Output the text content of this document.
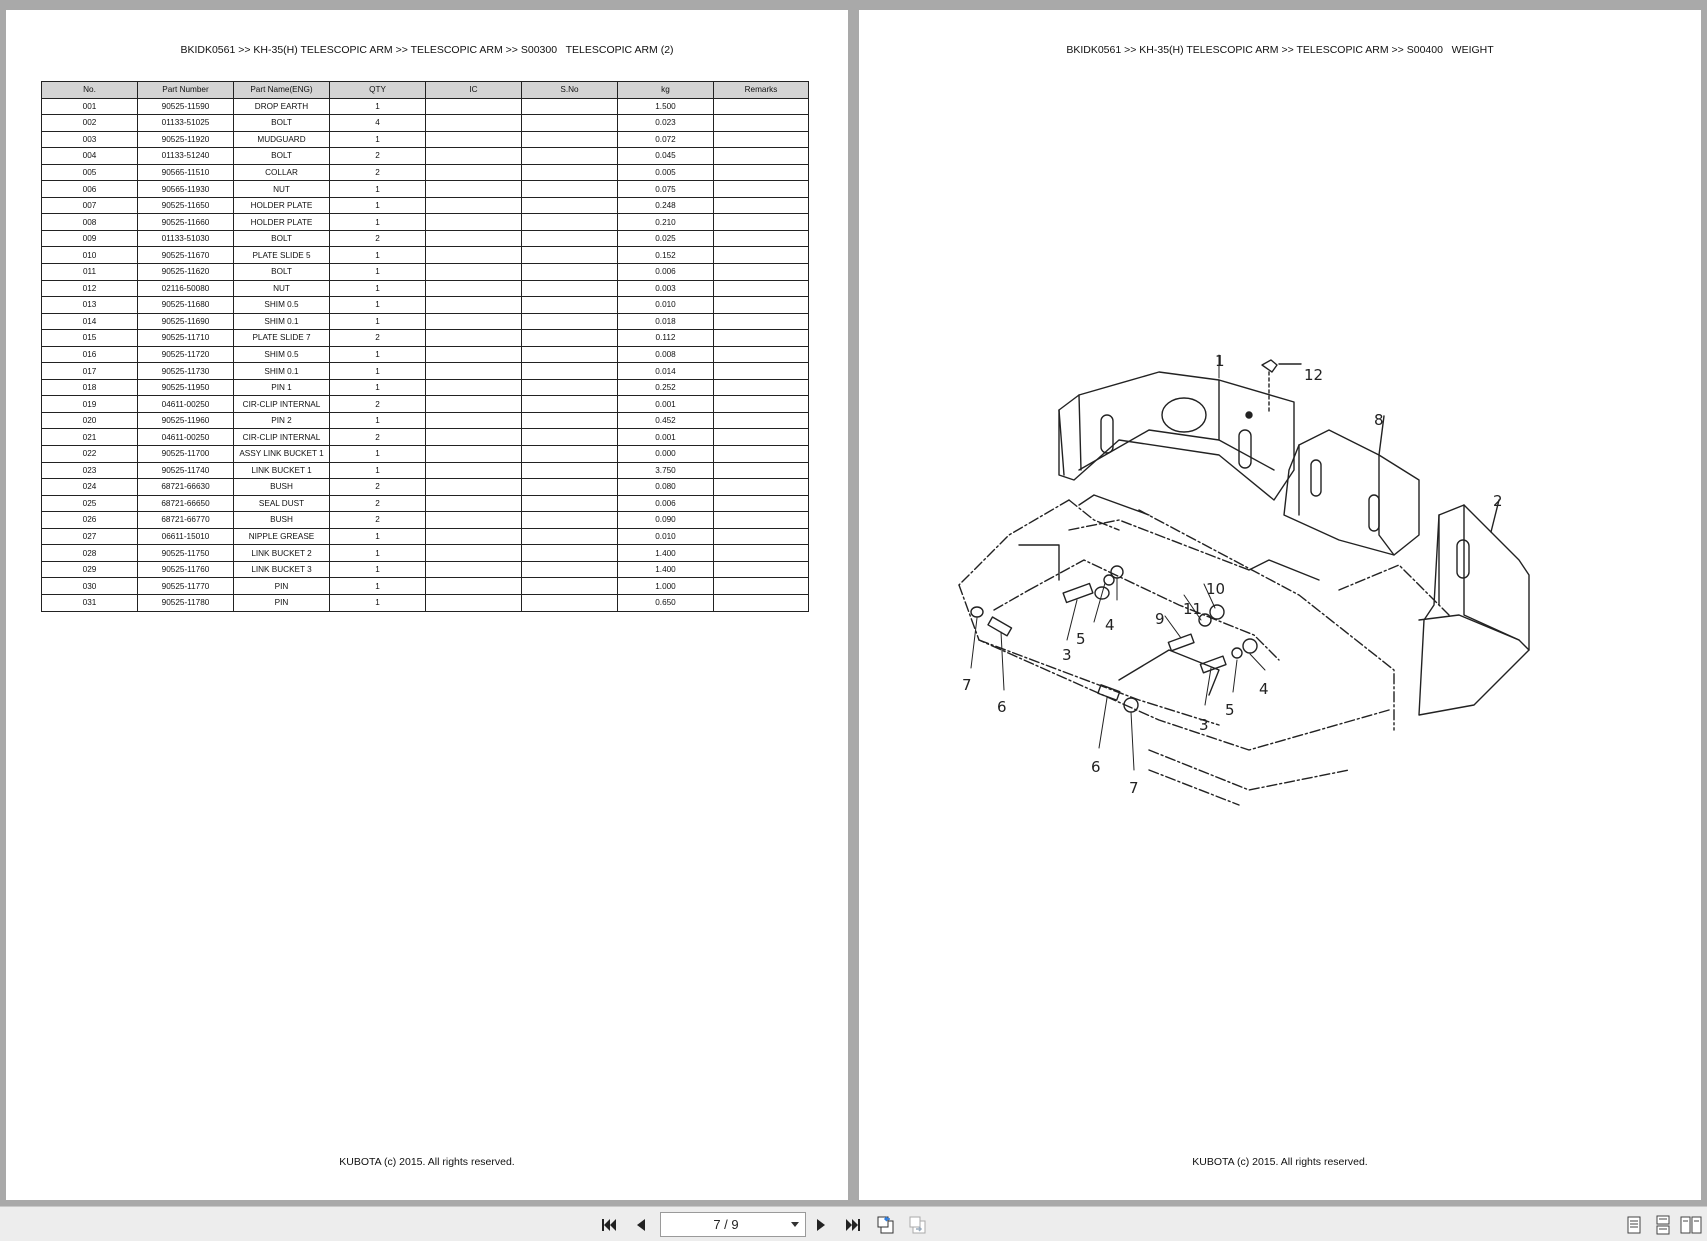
BKIDK0561 >> KH-35(H) TELESCOPIC ARM >> TELESCOPIC ARM >> S00300   TELESCOPIC ARM (2)
No.	Part Number	Part Name(ENG)	QTY	IC	S.No	kg	Remarks
001	90525-11590	DROP EARTH	1			1.500	
002	01133-51025	BOLT	4			0.023	
003	90525-11920	MUDGUARD	1			0.072	
004	01133-51240	BOLT	2			0.045	
005	90565-11510	COLLAR	2			0.005	
006	90565-11930	NUT	1			0.075	
007	90525-11650	HOLDER PLATE	1			0.248	
008	90525-11660	HOLDER PLATE	1			0.210	
009	01133-51030	BOLT	2			0.025	
010	90525-11670	PLATE SLIDE 5	1			0.152	
011	90525-11620	BOLT	1			0.006	
012	02116-50080	NUT	1			0.003	
013	90525-11680	SHIM 0.5	1			0.010	
014	90525-11690	SHIM 0.1	1			0.018	
015	90525-11710	PLATE SLIDE 7	2			0.112	
016	90525-11720	SHIM 0.5	1			0.008	
017	90525-11730	SHIM 0.1	1			0.014	
018	90525-11950	PIN 1	1			0.252	
019	04611-00250	CIR-CLIP INTERNAL	2			0.001	
020	90525-11960	PIN 2	1			0.452	
021	04611-00250	CIR-CLIP INTERNAL	2			0.001	
022	90525-11700	ASSY LINK BUCKET 1	1			0.000	
023	90525-11740	LINK BUCKET 1	1			3.750	
024	68721-66630	BUSH	2			0.080	
025	68721-66650	SEAL DUST	2			0.006	
026	68721-66770	BUSH	2			0.090	
027	06611-15010	NIPPLE GREASE	1			0.010	
028	90525-11750	LINK BUCKET 2	1			1.400	
029	90525-11760	LINK BUCKET 3	1			1.400	
030	90525-11770	PIN	1			1.000	
031	90525-11780	PIN	1			0.650	
KUBOTA (c) 2015. All rights reserved.
BKIDK0561 >> KH-35(H) TELESCOPIC ARM >> TELESCOPIC ARM >> S00400   WEIGHT
1
12
8
2
10
11
9
5
4
3
7
6
6
7
3
5
4
KUBOTA (c) 2015. All rights reserved.
7 / 9
